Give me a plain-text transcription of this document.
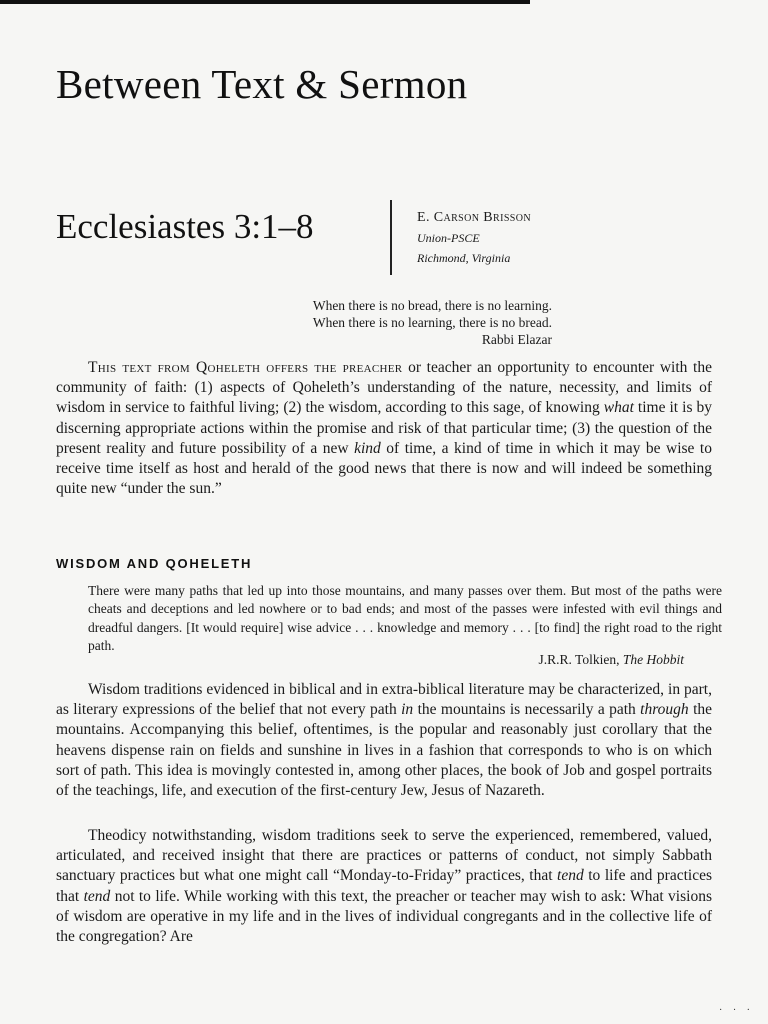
Between Text & Sermon
Ecclesiastes 3:1–8	E. Carson Brisson
Union-PSCE
Richmond, Virginia
When there is no bread, there is no learning.
When there is no learning, there is no bread.
Rabbi Elazar

This text from Qoheleth offers the preacher or teacher an opportunity to encounter with the community of faith: (1) aspects of Qoheleth’s understanding of the nature, necessity, and limits of wisdom in service to faithful living; (2) the wisdom, according to this sage, of knowing what time it is by discerning appropriate actions within the promise and risk of that particular time; (3) the question of the present reality and future possibility of a new kind of time, a kind of time in which it may be wise to receive time itself as host and herald of the good news that there is now and will indeed be something quite new “under the sun.”

WISDOM AND QOHELETH

There were many paths that led up into those mountains, and many passes over them. But most of the paths were cheats and deceptions and led nowhere or to bad ends; and most of the passes were infested with evil things and dreadful dangers. [It would require] wise advice . . . knowledge and memory . . . [to find] the right road to the right path.

J.R.R. Tolkien, The Hobbit

Wisdom traditions evidenced in biblical and in extra-biblical literature may be characterized, in part, as literary expressions of the belief that not every path in the mountains is necessarily a path through the mountains. Accompanying this belief, oftentimes, is the popular and reasonably just corollary that the heavens dispense rain on fields and sunshine in lives in a fashion that corresponds to who is on which sort of path. This idea is movingly contested in, among other places, the book of Job and gospel portraits of the teachings, life, and execution of the first-century Jew, Jesus of Nazareth.

Theodicy notwithstanding, wisdom traditions seek to serve the experienced, remembered, valued, articulated, and received insight that there are practices or patterns of conduct, not simply Sabbath sanctuary practices but what one might call “Monday-to-Friday” practices, that tend to life and practices that tend not to life. While working with this text, the preacher or teacher may wish to ask: What visions of wisdom are operative in my life and in the lives of individual congregants and in the collective life of the congregation? Are

· · ·
